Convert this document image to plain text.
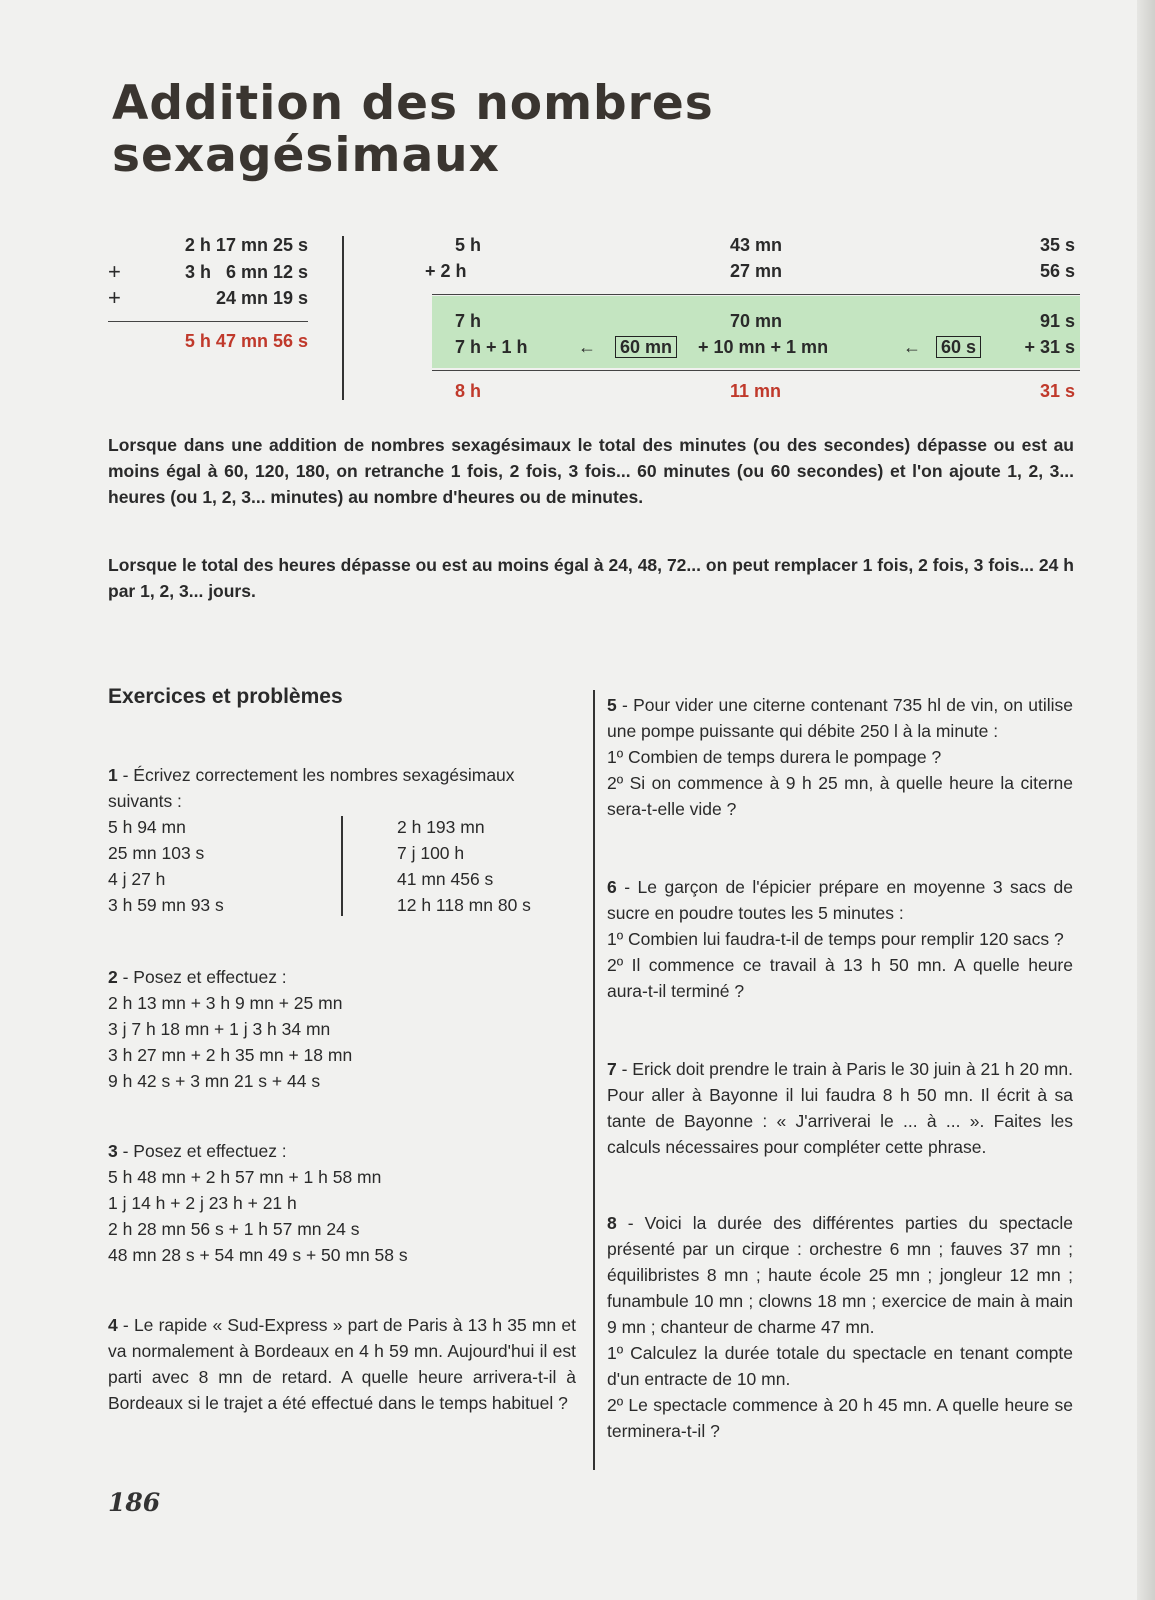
Addition des nombres
sexagésimaux
2 h 17 mn 25 s
+	3 h   6 mn 12 s
+	24 mn 19 s
5 h 47 mn 56 s
5 h	43 mn	35 s
+ 2 h	27 mn	56 s
7 h	70 mn	91 s
7 h + 1 h	← 60 mn + 10 mn + 1 mn	← 60 s	+ 31 s
8 h	11 mn	31 s

Lorsque dans une addition de nombres sexagésimaux le total des minutes (ou des secondes) dépasse ou est au moins égal à 60, 120, 180, on retranche 1 fois, 2 fois, 3 fois... 60 minutes (ou 60 secondes) et l'on ajoute 1, 2, 3... heures (ou 1, 2, 3... minutes) au nombre d'heures ou de minutes.

Lorsque le total des heures dépasse ou est au moins égal à 24, 48, 72... on peut remplacer 1 fois, 2 fois, 3 fois... 24 h par 1, 2, 3... jours.

Exercices et problèmes

1 - Écrivez correctement les nombres sexagésimaux suivants :

5 h 94 mn
25 mn 103 s
4 j 27 h
3 h 59 mn 93 s
2 h 193 mn
7 j 100 h
41 mn 456 s
12 h 118 mn 80 s

2 - Posez et effectuez :

2 h 13 mn + 3 h 9 mn + 25 mn

3 j 7 h 18 mn + 1 j 3 h 34 mn

3 h 27 mn + 2 h 35 mn + 18 mn

9 h 42 s + 3 mn 21 s + 44 s

3 - Posez et effectuez :

5 h 48 mn + 2 h 57 mn + 1 h 58 mn

1 j 14 h + 2 j 23 h + 21 h

2 h 28 mn 56 s + 1 h 57 mn 24 s

48 mn 28 s + 54 mn 49 s + 50 mn 58 s

4 - Le rapide « Sud-Express » part de Paris à 13 h 35 mn et va normalement à Bordeaux en 4 h 59 mn. Aujourd'hui il est parti avec 8 mn de retard. A quelle heure arrivera-t-il à Bordeaux si le trajet a été effectué dans le temps habituel ?

5 - Pour vider une citerne contenant 735 hl de vin, on utilise une pompe puissante qui débite 250 l à la minute :

1º Combien de temps durera le pompage ?

2º Si on commence à 9 h 25 mn, à quelle heure la citerne sera-t-elle vide ?

6 - Le garçon de l'épicier prépare en moyenne 3 sacs de sucre en poudre toutes les 5 minutes :

1º Combien lui faudra-t-il de temps pour remplir 120 sacs ?

2º Il commence ce travail à 13 h 50 mn. A quelle heure aura-t-il terminé ?

7 - Erick doit prendre le train à Paris le 30 juin à 21 h 20 mn. Pour aller à Bayonne il lui faudra 8 h 50 mn. Il écrit à sa tante de Bayonne : « J'arriverai le ... à ... ». Faites les calculs nécessaires pour compléter cette phrase.

8 - Voici la durée des différentes parties du spectacle présenté par un cirque : orchestre 6 mn ; fauves 37 mn ; équilibristes 8 mn ; haute école 25 mn ; jongleur 12 mn ; funambule 10 mn ; clowns 18 mn ; exercice de main à main 9 mn ; chanteur de charme 47 mn.

1º Calculez la durée totale du spectacle en tenant compte d'un entracte de 10 mn.

2º Le spectacle commence à 20 h 45 mn. A quelle heure se terminera-t-il ?

186
